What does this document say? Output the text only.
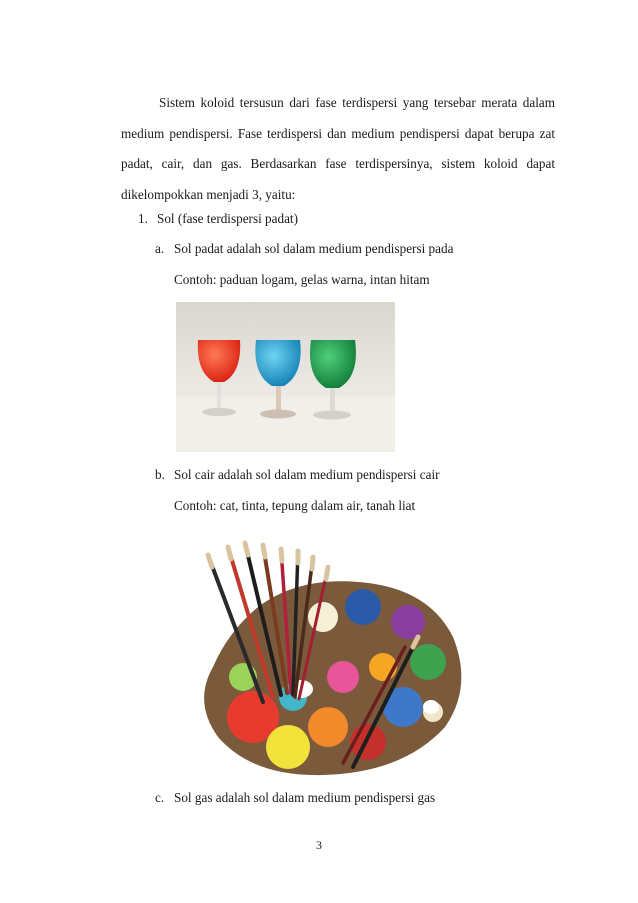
Sistem koloid tersusun dari fase terdispersi yang tersebar merata dalam medium pendispersi. Fase terdispersi dan medium pendispersi dapat berupa zat padat, cair, dan gas. Berdasarkan fase terdispersinya, sistem koloid dapat dikelompokkan menjadi 3, yaitu:

1. Sol (fase terdispersi padat)
a. Sol padat adalah sol dalam medium pendispersi pada
Contoh: paduan logam, gelas warna, intan hitam
b. Sol cair adalah sol dalam medium pendispersi cair
Contoh: cat, tinta, tepung dalam air, tanah liat
c. Sol gas adalah sol dalam medium pendispersi gas
3
